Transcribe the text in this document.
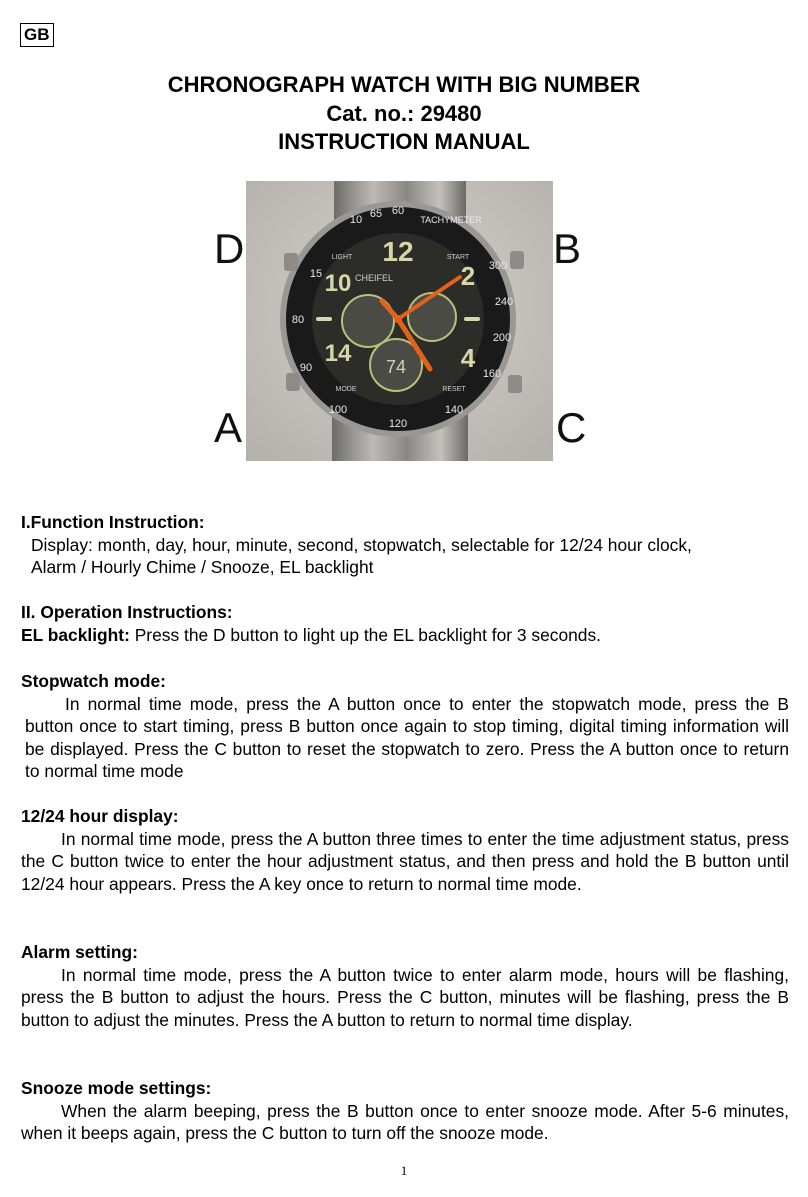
GB
CHRONOGRAPH WATCH WITH BIG NUMBER
Cat. no.: 29480
INSTRUCTION MANUAL
10
15
60
65
80
90
100
120
140
160
200
240
300
TACHYMETER
12
2
4
10
14
CHEIFEL
LIGHT	START
MODE	RESET
74
D	B
A	C
I.Function Instruction:
Display: month, day, hour, minute, second, stopwatch, selectable for 12/24 hour clock,
Alarm / Hourly Chime / Snooze, EL backlight
II. Operation Instructions:
EL backlight: Press the D button to light up the EL backlight for 3 seconds.
Stopwatch mode:
In normal time mode, press the A button once to enter the stopwatch mode, press the B button once to start timing, press B button once again to stop timing, digital timing information will be displayed. Press the C button to reset the stopwatch to zero. Press the A button once to return to normal time mode
12/24 hour display:
In normal time mode, press the A button three times to enter the time adjustment status, press the C button twice to enter the hour adjustment status, and then press and hold the B button until 12/24 hour appears. Press the A key once to return to normal time mode.
Alarm setting:
In normal time mode, press the A button twice to enter alarm mode, hours will be flashing, press the B button to adjust the hours. Press the C button, minutes will be flashing, press the B button to adjust the minutes. Press the A button to return to normal time display.
Snooze mode settings:
When the alarm beeping, press the B button once to enter snooze mode. After 5-6 minutes, when it beeps again, press the C button to turn off the snooze mode.
1
